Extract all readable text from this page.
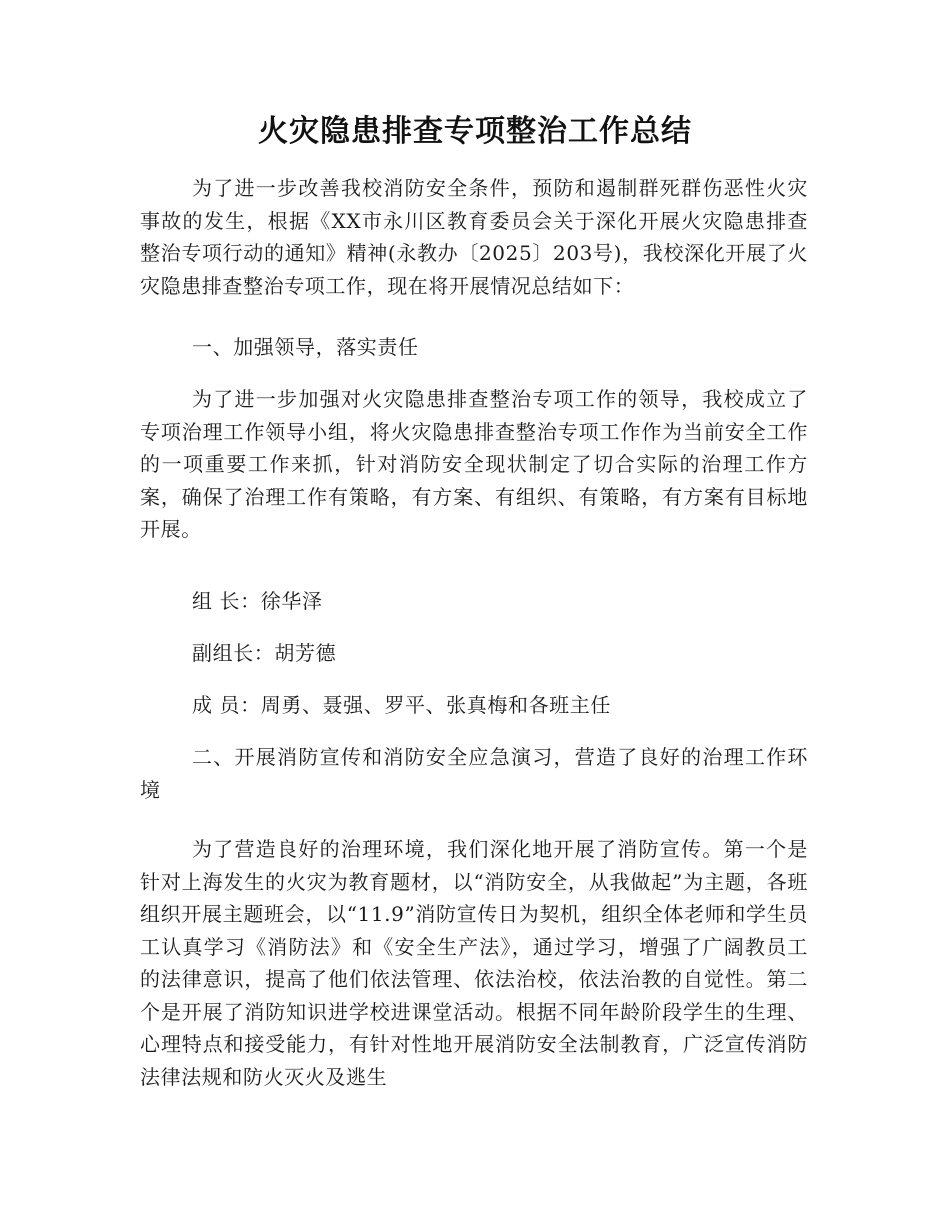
火灾隐患排查专项整治工作总结

为了进一步改善我校消防安全条件，预防和遏制群死群伤恶性火灾事故的发生，根据《XX市永川区教育委员会关于深化开展火灾隐患排查整治专项行动的通知》精神(永教办〔2025〕203号)，我校深化开展了火灾隐患排查整治专项工作，现在将开展情况总结如下：

一、加强领导，落实责任

为了进一步加强对火灾隐患排查整治专项工作的领导，我校成立了专项治理工作领导小组，将火灾隐患排查整治专项工作作为当前安全工作的一项重要工作来抓，针对消防安全现状制定了切合实际的治理工作方案，确保了治理工作有策略，有方案、有组织、有策略，有方案有目标地开展。

组 长：徐华泽

副组长：胡芳德

成 员：周勇、聂强、罗平、张真梅和各班主任

二、开展消防宣传和消防安全应急演习，营造了良好的治理工作环境

为了营造良好的治理环境，我们深化地开展了消防宣传。第一个是针对上海发生的火灾为教育题材，以“消防安全，从我做起”为主题，各班组织开展主题班会，以“11.9”消防宣传日为契机，组织全体老师和学生员工认真学习《消防法》和《安全生产法》，通过学习，增强了广阔教员工的法律意识，提高了他们依法管理、依法治校，依法治教的自觉性。第二个是开展了消防知识进学校进课堂活动。根据不同年龄阶段学生的生理、心理特点和接受能力，有针对性地开展消防安全法制教育，广泛宣传消防法律法规和防火灭火及逃生
